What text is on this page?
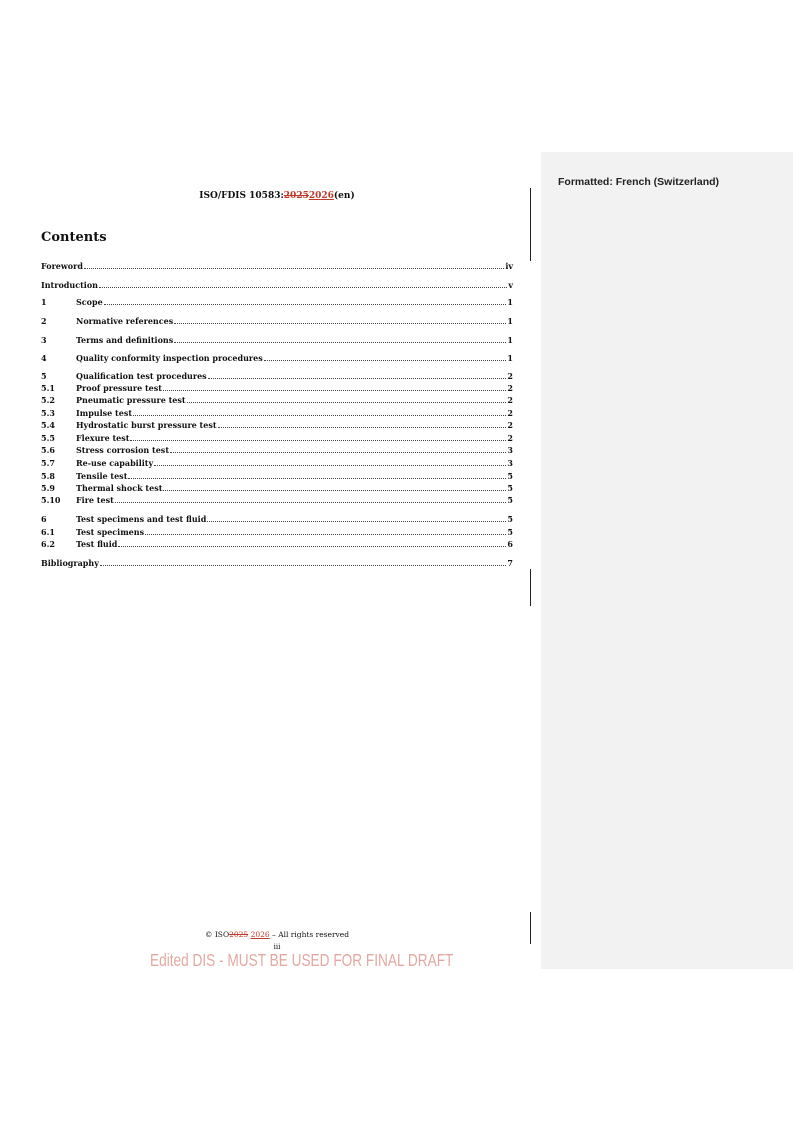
Formatted: French (Switzerland)
ISO/FDIS 10583:20252026(en)
Contents
Foreword	iv
Introduction	v
1	Scope	1
2	Normative references	1
3	Terms and definitions	1
4	Quality conformity inspection procedures	1
5	Qualification test procedures	2
5.1	Proof pressure test	2
5.2	Pneumatic pressure test	2
5.3	Impulse test	2
5.4	Hydrostatic burst pressure test	2
5.5	Flexure test	2
5.6	Stress corrosion test	3
5.7	Re-use capability	3
5.8	Tensile test	5
5.9	Thermal shock test	5
5.10	Fire test	5
6	Test specimens and test fluid	5
6.1	Test specimens	5
6.2	Test fluid	6
Bibliography	7
© ISO2025 2026 – All rights reserved
iii
Edited DIS - MUST BE USED FOR FINAL DRAFT
